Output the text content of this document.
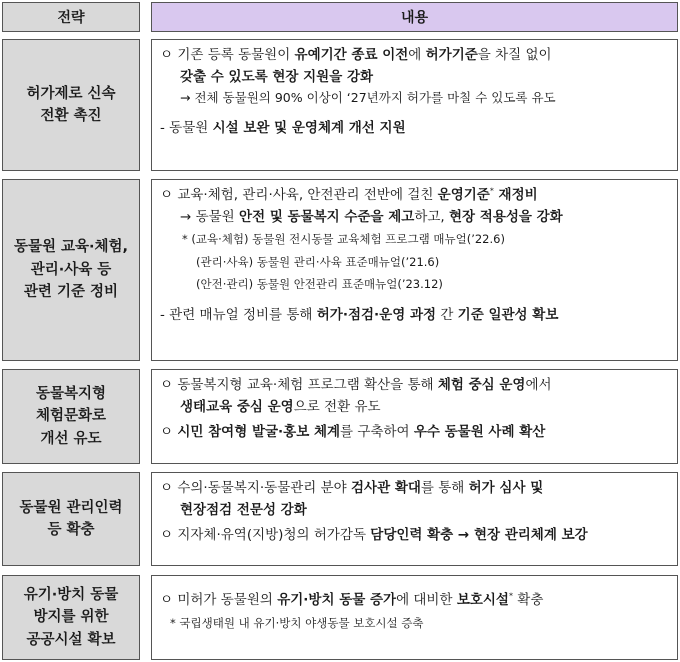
전략	내용
허가제로 신속
전환 촉진
ㅇ 기존 등록 동물원이 유예기간 종료 이전에 허가기준을 차질 없이
갖출 수 있도록 현장 지원을 강화
→ 전체 동물원의 90% 이상이 ‘27년까지 허가를 마칠 수 있도록 유도
- 동물원 시설 보완 및 운영체계 개선 지원
동물원 교육·체험,
관리·사육 등
관련 기준 정비
ㅇ 교육·체험, 관리·사육, 안전관리 전반에 걸친 운영기준* 재정비
→ 동물원 안전 및 동물복지 수준을 제고하고, 현장 적용성을 강화
* (교육·체험) 동물원 전시동물 교육체험 프로그램 매뉴얼(’22.6)
(관리·사육) 동물원 관리·사육 표준매뉴얼(’21.6)
(안전·관리) 동물원 안전관리 표준매뉴얼(’23.12)
- 관련 매뉴얼 정비를 통해 허가·점검·운영 과정 간 기준 일관성 확보
동물복지형
체험문화로
개선 유도
ㅇ 동물복지형 교육·체험 프로그램 확산을 통해 체험 중심 운영에서
생태교육 중심 운영으로 전환 유도
ㅇ 시민 참여형 발굴·홍보 체계를 구축하여 우수 동물원 사례 확산
동물원 관리인력
등 확충
ㅇ 수의·동물복지·동물관리 분야 검사관 확대를 통해 허가 심사 및
현장점검 전문성 강화
ㅇ 지자체·유역(지방)청의 허가감독 담당인력 확충 → 현장 관리체계 보강
유기·방치 동물
방지를 위한
공공시설 확보
ㅇ 미허가 동물원의 유기·방치 동물 증가에 대비한 보호시설* 확충
* 국립생태원 내 유기·방치 야생동물 보호시설 증축
